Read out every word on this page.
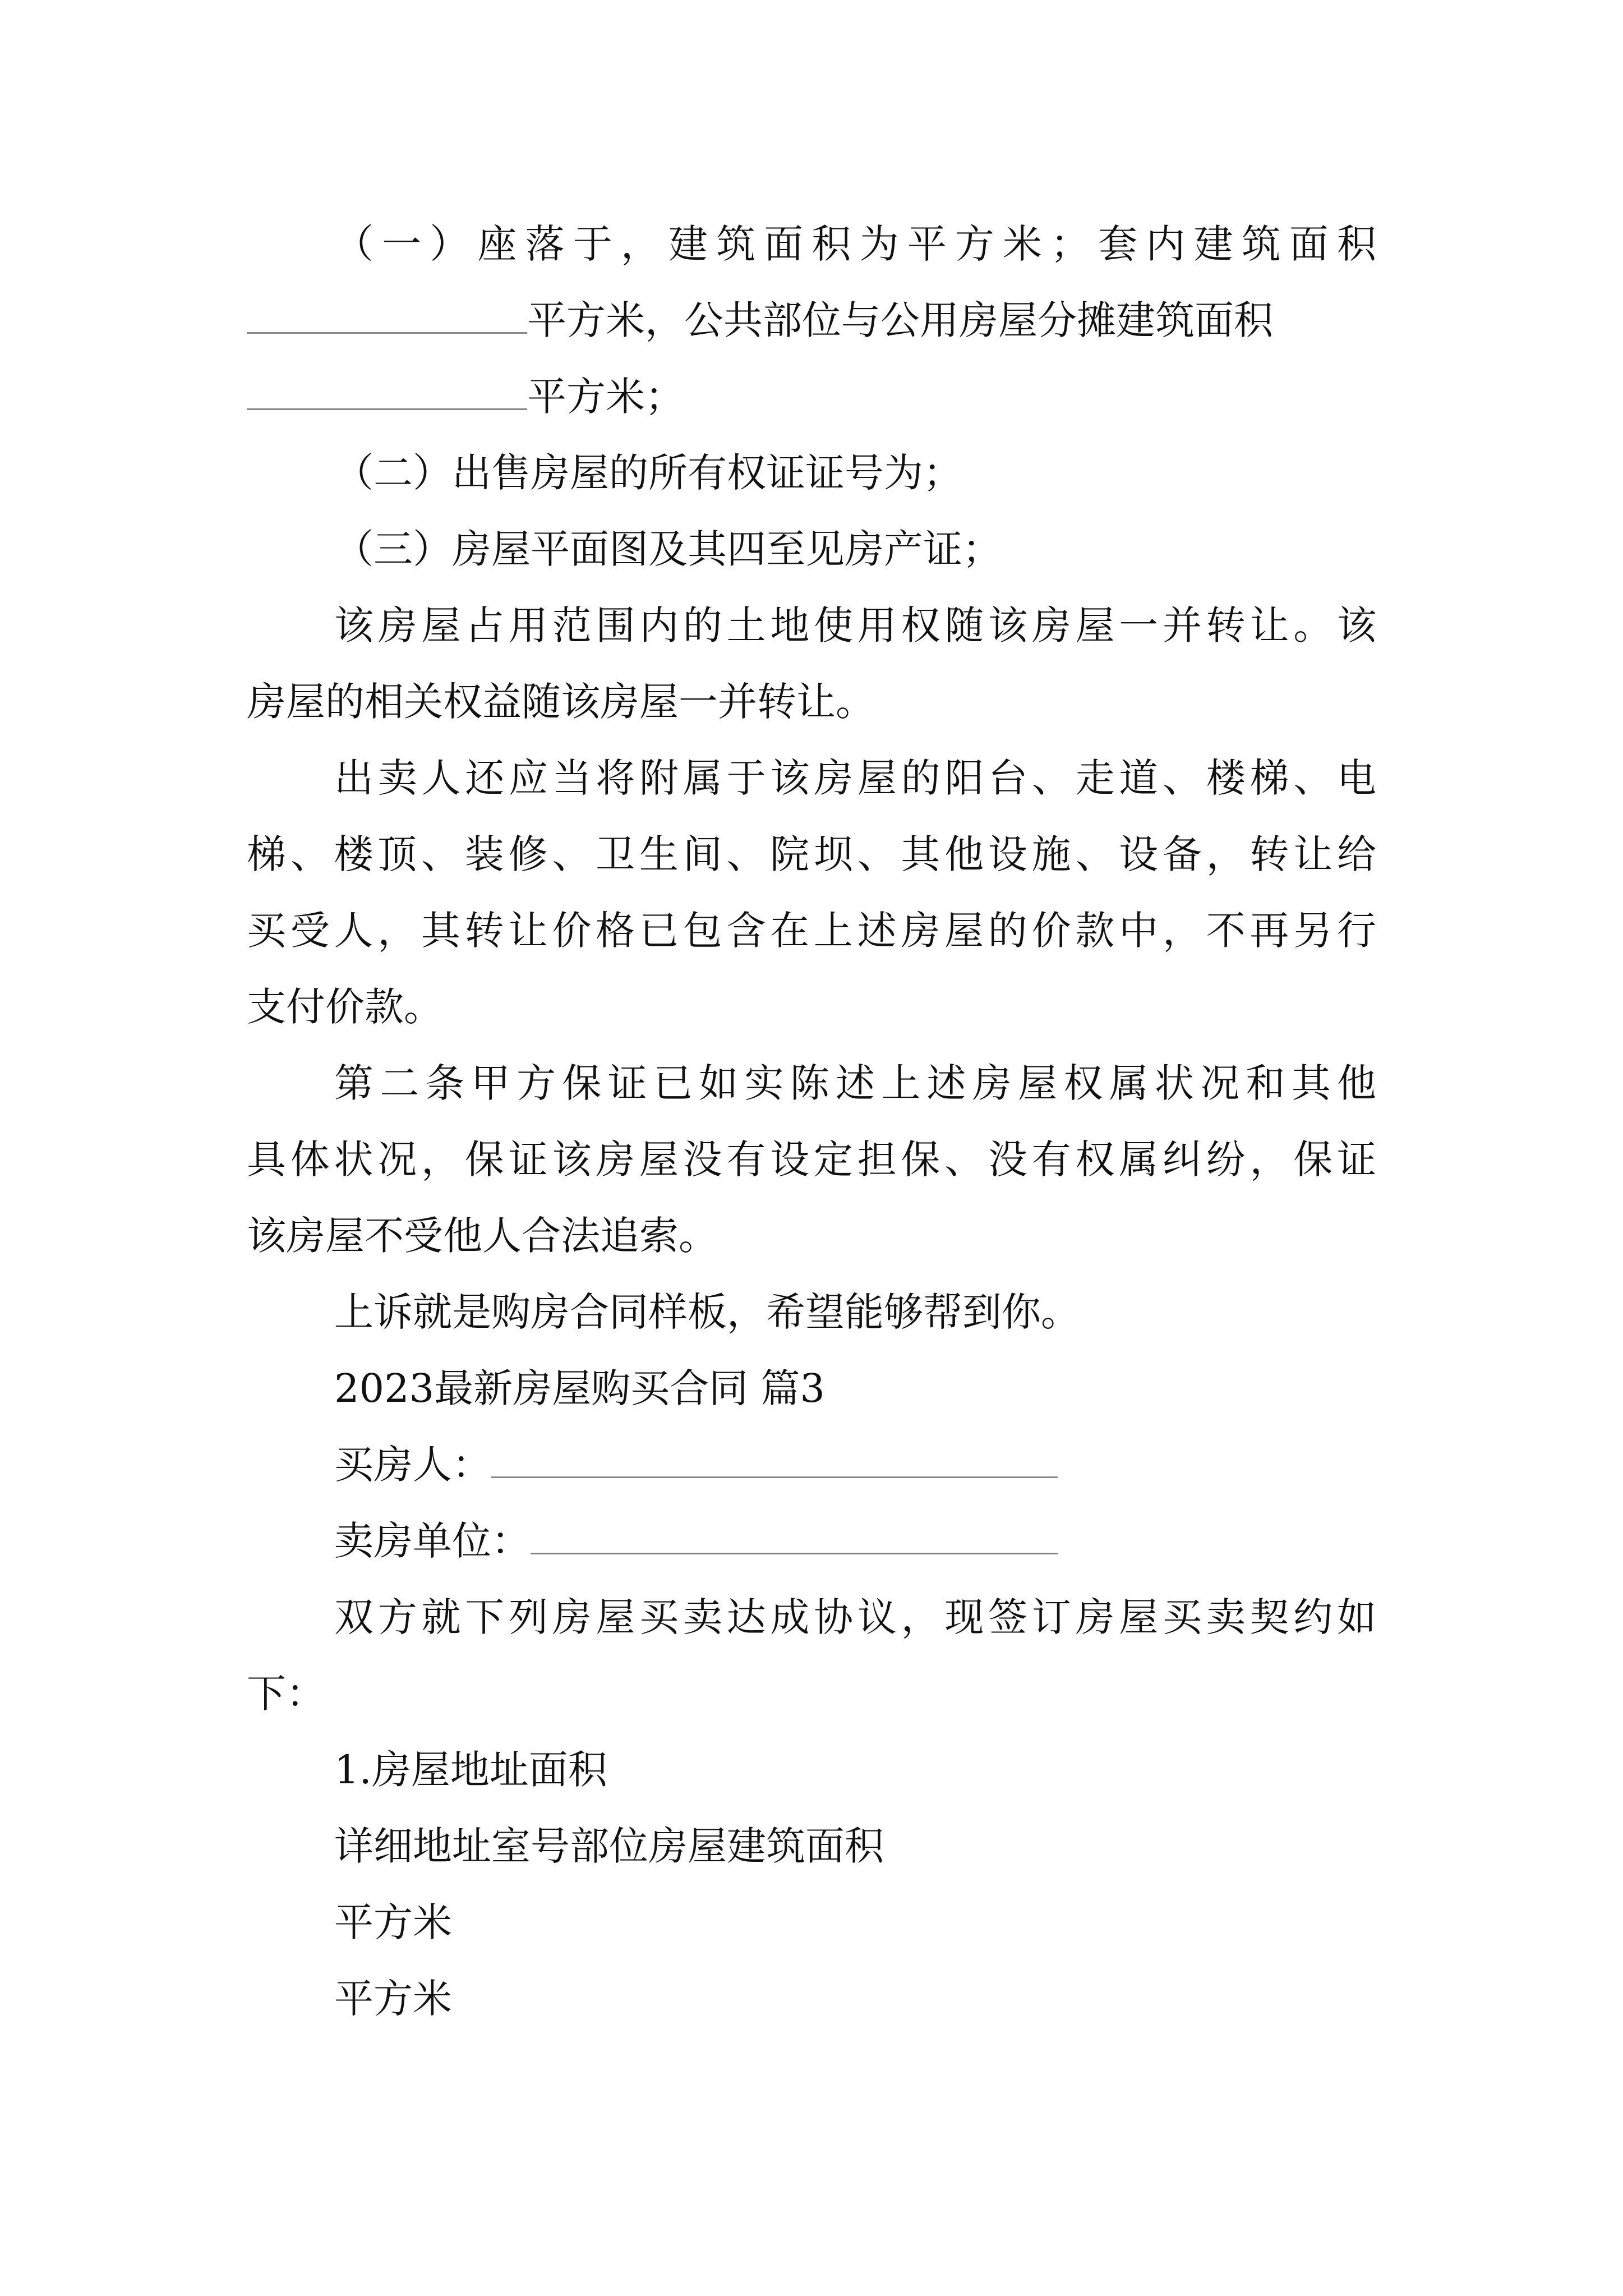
（一）座落于，建筑面积为平方米；套内建筑面积
平方米，公共部位与公用房屋分摊建筑面积
平方米；
（二）出售房屋的所有权证证号为；
（三）房屋平面图及其四至见房产证；
该房屋占用范围内的土地使用权随该房屋一并转让。该
房屋的相关权益随该房屋一并转让。
出卖人还应当将附属于该房屋的阳台、走道、楼梯、电
梯、楼顶、装修、卫生间、院坝、其他设施、设备，转让给
买受人，其转让价格已包含在上述房屋的价款中，不再另行
支付价款。
第二条甲方保证已如实陈述上述房屋权属状况和其他
具体状况，保证该房屋没有设定担保、没有权属纠纷，保证
该房屋不受他人合法追索。
上诉就是购房合同样板，希望能够帮到你。
2023最新房屋购买合同 篇3
买房人：
卖房单位：
双方就下列房屋买卖达成协议，现签订房屋买卖契约如
下：
1.房屋地址面积
详细地址室号部位房屋建筑面积
平方米
平方米
